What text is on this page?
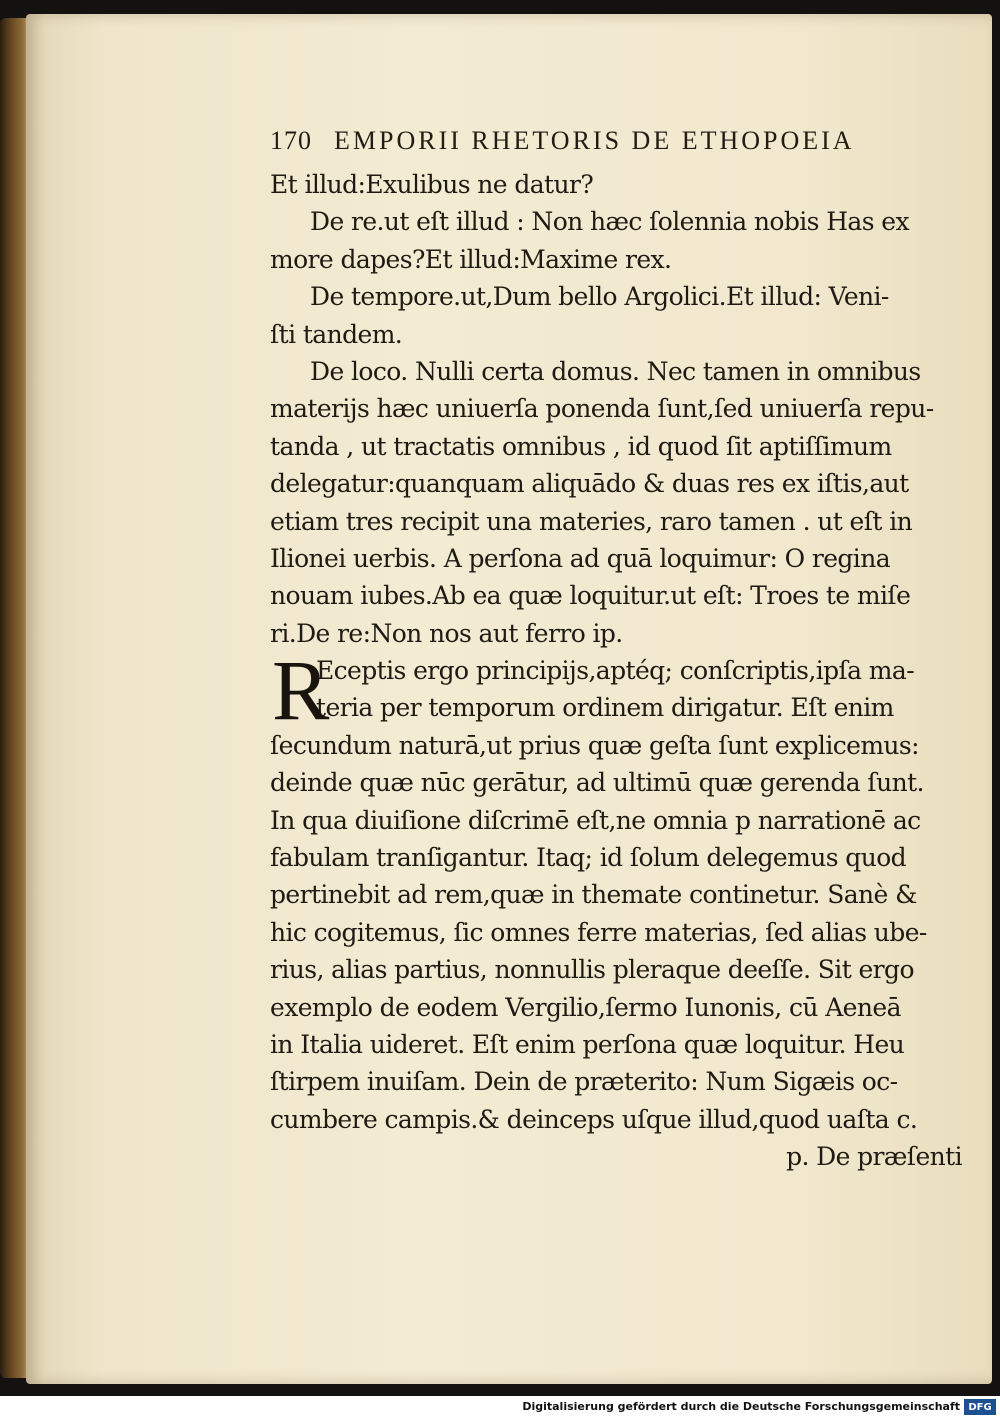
170 EMPORII RHETORIS DE ETHOPOEIA
Et illud:Exulibus ne datur?
De re.ut eſt illud : Non hæc ſolennia nobis Has ex
more dapes?Et illud:Maxime rex.
De tempore.ut,Dum bello Argolici.Et illud: Veni-
ſti tandem.
De loco. Nulli certa domus. Nec tamen in omnibus
materijs hæc uniuerſa ponenda ſunt,ſed uniuerſa repu-
tanda , ut tractatis omnibus , id quod ſit aptiſſimum
delegatur:quanquam aliquādo & duas res ex iſtis,aut
etiam tres recipit una materies, raro tamen . ut eſt in
Ilionei uerbis. A perſona ad quā loquimur: O regina
nouam iubes.Ab ea quæ loquitur.ut eſt: Troes te miſe
ri.De re:Non nos aut ferro ip.
R
Eceptis ergo principijs,aptéq; conſcriptis,ipſa ma-
teria per temporum ordinem dirigatur. Eſt enim
ſecundum naturā,ut prius quæ geſta ſunt explicemus:
deinde quæ nūc gerātur, ad ultimū quæ gerenda ſunt.
In qua diuiſione diſcrimē eſt,ne omnia p narrationē ac
fabulam tranſigantur. Itaq; id ſolum delegemus quod
pertinebit ad rem,quæ in themate continetur. Sanè &
hic cogitemus, ſic omnes ferre materias, ſed alias ube-
rius, alias partius, nonnullis pleraque deeſſe. Sit ergo
exemplo de eodem Vergilio,ſermo Iunonis, cū Aeneā
in Italia uideret. Eſt enim perſona quæ loquitur. Heu
ſtirpem inuiſam. Dein de præterito: Num Sigæis oc-
cumbere campis.& deinceps uſque illud,quod uaſta c.
p. De præſenti
Digitalisierung gefördert durch die Deutsche Forschungsgemeinschaft DFG
